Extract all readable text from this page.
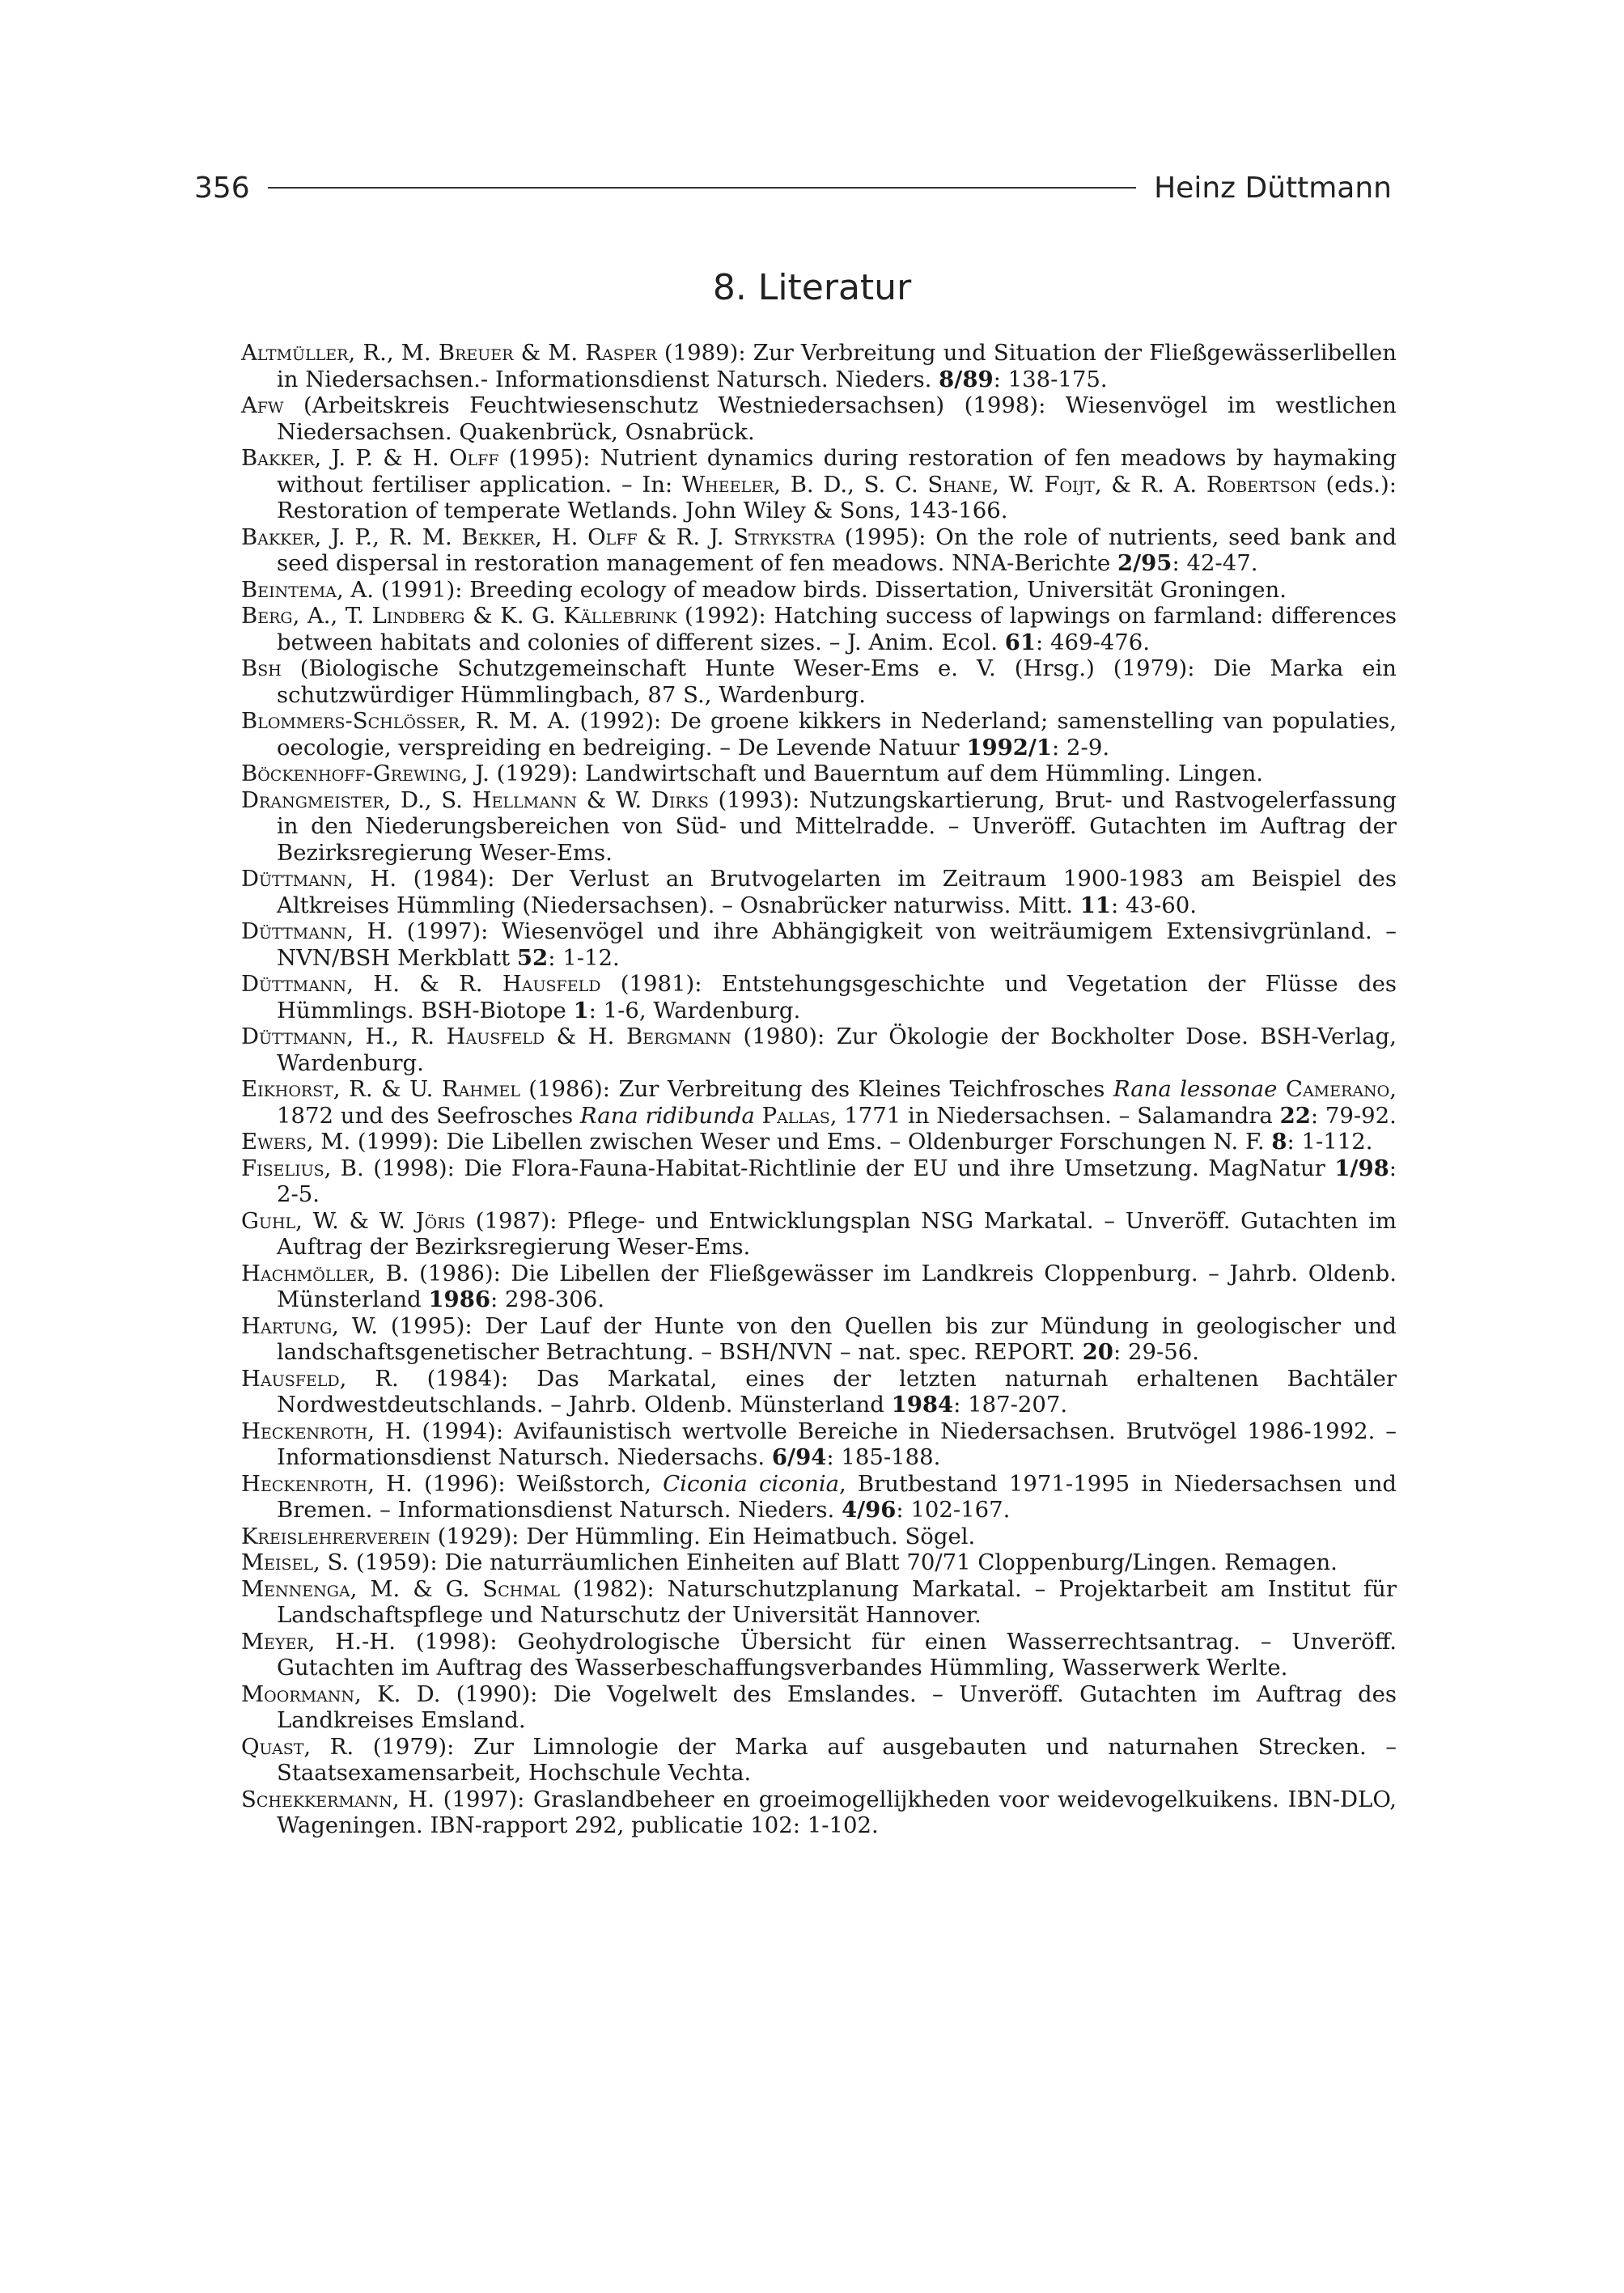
356	Heinz Düttmann
8. Literatur

Altmüller, R., M. Breuer & M. Rasper (1989): Zur Verbreitung und Situation der Fließgewässerlibellen in Niedersachsen.- Informationsdienst Natursch. Nieders. 8/89: 138-175.

Afw (Arbeitskreis Feuchtwiesenschutz Westniedersachsen) (1998): Wiesenvögel im westlichen Niedersachsen. Quakenbrück, Osnabrück.

Bakker, J. P. & H. Olff (1995): Nutrient dynamics during restoration of fen meadows by haymaking without fertiliser application. – In: Wheeler, B. D., S. C. Shane, W. Foijt, & R. A. Robertson (eds.): Restoration of temperate Wetlands. John Wiley & Sons, 143-166.

Bakker, J. P., R. M. Bekker, H. Olff & R. J. Strykstra (1995): On the role of nutrients, seed bank and seed dispersal in restoration management of fen meadows. NNA-Berichte 2/95: 42-47.

Beintema, A. (1991): Breeding ecology of meadow birds. Dissertation, Universität Groningen.

Berg, A., T. Lindberg & K. G. Källebrink (1992): Hatching success of lapwings on farmland: differences between habitats and colonies of different sizes. – J. Anim. Ecol. 61: 469-476.

Bsh (Biologische Schutzgemeinschaft Hunte Weser-Ems e. V. (Hrsg.) (1979): Die Marka ein schutzwürdiger Hümmlingbach, 87 S., Wardenburg.

Blommers-Schlösser, R. M. A. (1992): De groene kikkers in Nederland; samenstelling van populaties, oecologie, verspreiding en bedreiging. – De Levende Natuur 1992/1: 2-9.

Böckenhoff-Grewing, J. (1929): Landwirtschaft und Bauerntum auf dem Hümmling. Lingen.

Drangmeister, D., S. Hellmann & W. Dirks (1993): Nutzungskartierung, Brut- und Rastvogelerfassung in den Niederungsbereichen von Süd- und Mittelradde. – Unveröff. Gutachten im Auftrag der Bezirksregierung Weser-Ems.

Düttmann, H. (1984): Der Verlust an Brutvogelarten im Zeitraum 1900-1983 am Beispiel des Altkreises Hümmling (Niedersachsen). – Osnabrücker naturwiss. Mitt. 11: 43-60.

Düttmann, H. (1997): Wiesenvögel und ihre Abhängigkeit von weiträumigem Extensivgrünland. – NVN/BSH Merkblatt 52: 1-12.

Düttmann, H. & R. Hausfeld (1981): Entstehungsgeschichte und Vegetation der Flüsse des Hümmlings. BSH-Biotope 1: 1-6, Wardenburg.

Düttmann, H., R. Hausfeld & H. Bergmann (1980): Zur Ökologie der Bockholter Dose. BSH-Verlag, Wardenburg.

Eikhorst, R. & U. Rahmel (1986): Zur Verbreitung des Kleines Teichfrosches Rana lessonae Camerano, 1872 und des Seefrosches Rana ridibunda Pallas, 1771 in Niedersachsen. – Salamandra 22: 79-92.

Ewers, M. (1999): Die Libellen zwischen Weser und Ems. – Oldenburger Forschungen N. F. 8: 1-112.

Fiselius, B. (1998): Die Flora-Fauna-Habitat-Richtlinie der EU und ihre Umsetzung. MagNatur 1/98: 2-5.

Guhl, W. & W. Jöris (1987): Pflege- und Entwicklungsplan NSG Markatal. – Unveröff. Gutachten im Auftrag der Bezirksregierung Weser-Ems.

Hachmöller, B. (1986): Die Libellen der Fließgewässer im Landkreis Cloppenburg. – Jahrb. Oldenb. Münsterland 1986: 298-306.

Hartung, W. (1995): Der Lauf der Hunte von den Quellen bis zur Mündung in geologischer und landschaftsgenetischer Betrachtung. – BSH/NVN – nat. spec. REPORT. 20: 29-56.

Hausfeld, R. (1984): Das Markatal, eines der letzten naturnah erhaltenen Bachtäler Nordwestdeutschlands. – Jahrb. Oldenb. Münsterland 1984: 187-207.

Heckenroth, H. (1994): Avifaunistisch wertvolle Bereiche in Niedersachsen. Brutvögel 1986-1992. – Informationsdienst Natursch. Niedersachs. 6/94: 185-188.

Heckenroth, H. (1996): Weißstorch, Ciconia ciconia, Brutbestand 1971-1995 in Niedersachsen und Bremen. – Informationsdienst Natursch. Nieders. 4/96: 102-167.

Kreislehrerverein (1929): Der Hümmling. Ein Heimatbuch. Sögel.

Meisel, S. (1959): Die naturräumlichen Einheiten auf Blatt 70/71 Cloppenburg/Lingen. Remagen.

Mennenga, M. & G. Schmal (1982): Naturschutzplanung Markatal. – Projektarbeit am Institut für Landschaftspflege und Naturschutz der Universität Hannover.

Meyer, H.-H. (1998): Geohydrologische Übersicht für einen Wasserrechtsantrag. – Unveröff. Gutachten im Auftrag des Wasserbeschaffungsverbandes Hümmling, Wasserwerk Werlte.

Moormann, K. D. (1990): Die Vogelwelt des Emslandes. – Unveröff. Gutachten im Auftrag des Landkreises Emsland.

Quast, R. (1979): Zur Limnologie der Marka auf ausgebauten und naturnahen Strecken. – Staatsexamensarbeit, Hochschule Vechta.

Schekkermann, H. (1997): Graslandbeheer en groeimogellijkheden voor weidevogelkuikens. IBN-DLO, Wageningen. IBN-rapport 292, publicatie 102: 1-102.
